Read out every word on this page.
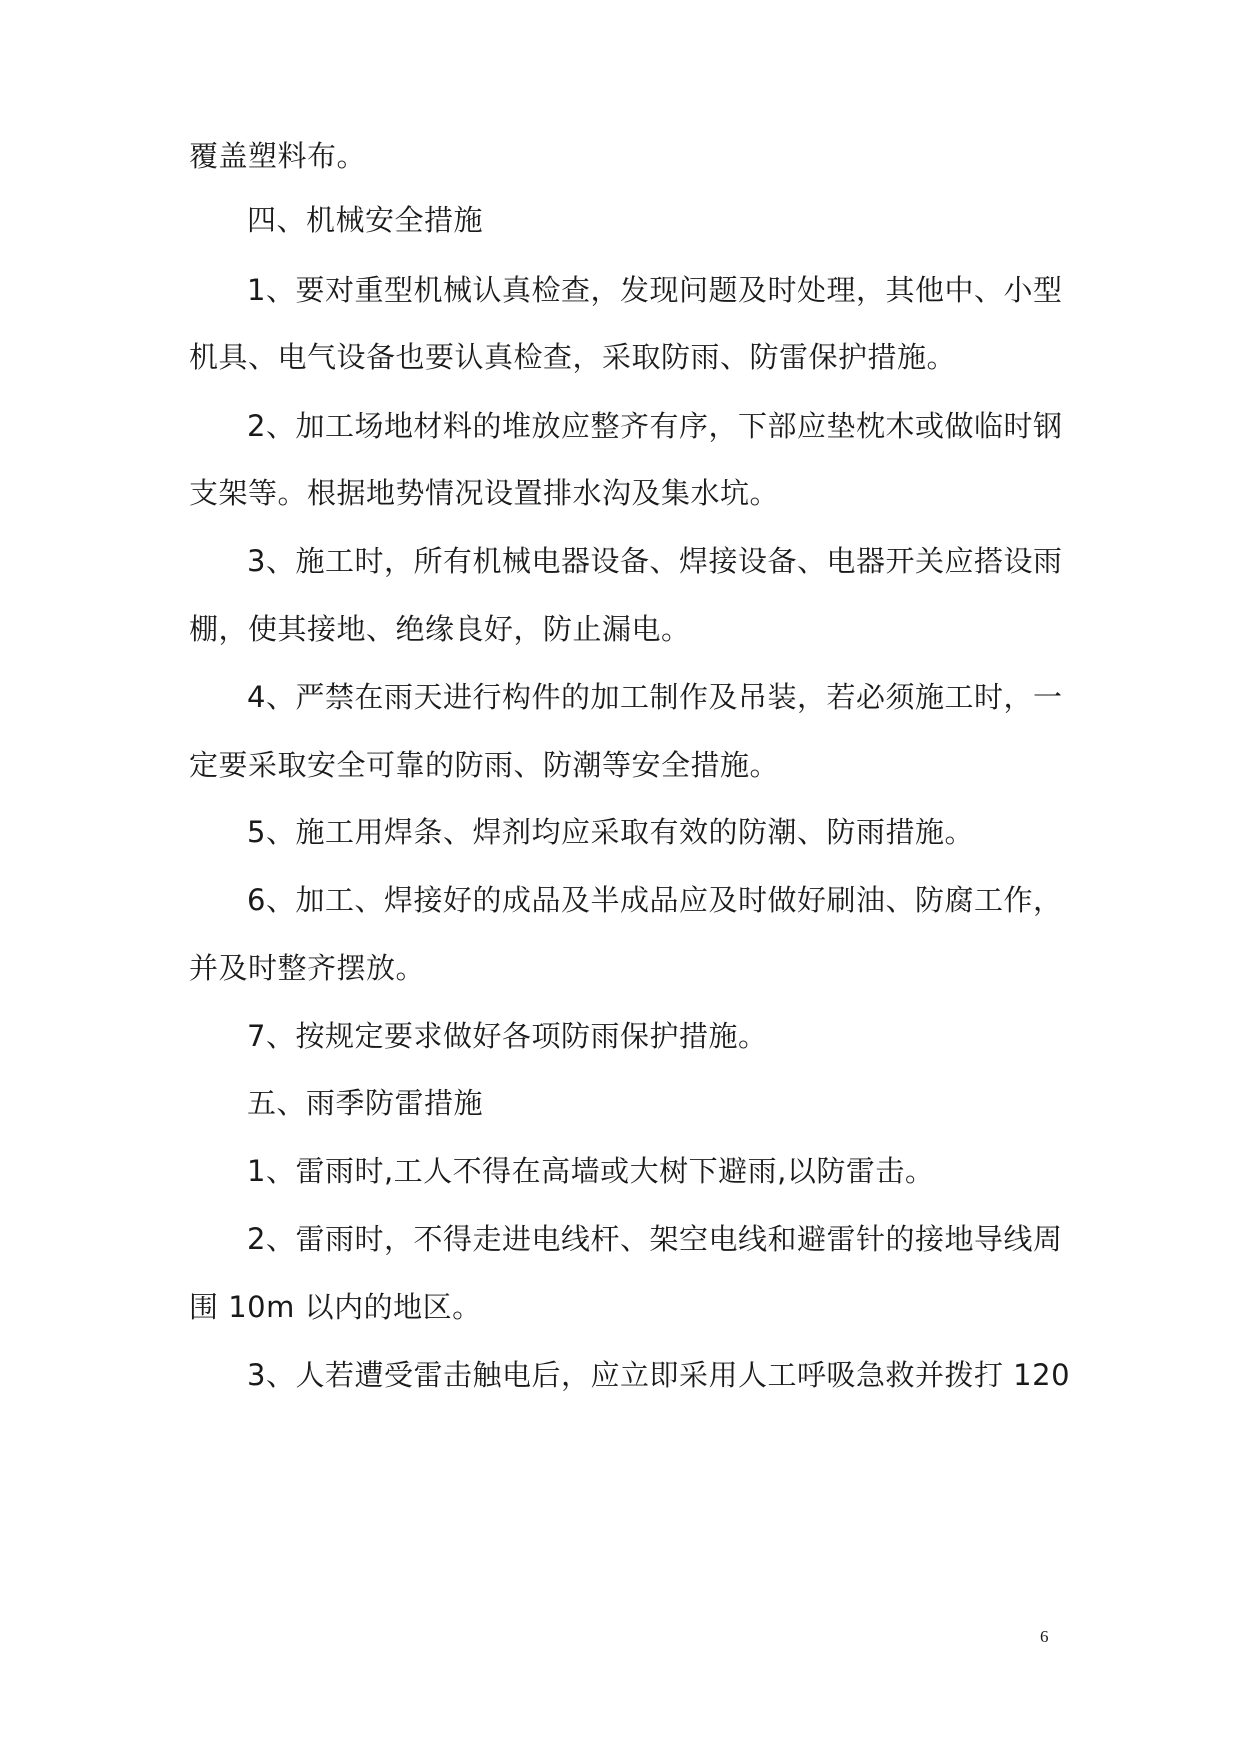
覆盖塑料布。
四、机械安全措施
1、要对重型机械认真检查，发现问题及时处理，其他中、小型
机具、电气设备也要认真检查，采取防雨、防雷保护措施。
2、加工场地材料的堆放应整齐有序，下部应垫枕木或做临时钢
支架等。根据地势情况设置排水沟及集水坑。
3、施工时，所有机械电器设备、焊接设备、电器开关应搭设雨
棚，使其接地、绝缘良好，防止漏电。
4、严禁在雨天进行构件的加工制作及吊装，若必须施工时，一
定要采取安全可靠的防雨、防潮等安全措施。
5、施工用焊条、焊剂均应采取有效的防潮、防雨措施。
6、加工、焊接好的成品及半成品应及时做好刷油、防腐工作，
并及时整齐摆放。
7、按规定要求做好各项防雨保护措施。
五、雨季防雷措施
1、雷雨时,工人不得在高墙或大树下避雨,以防雷击。
2、雷雨时，不得走进电线杆、架空电线和避雷针的接地导线周
围 10m 以内的地区。
3、人若遭受雷击触电后，应立即采用人工呼吸急救并拨打 120
6
